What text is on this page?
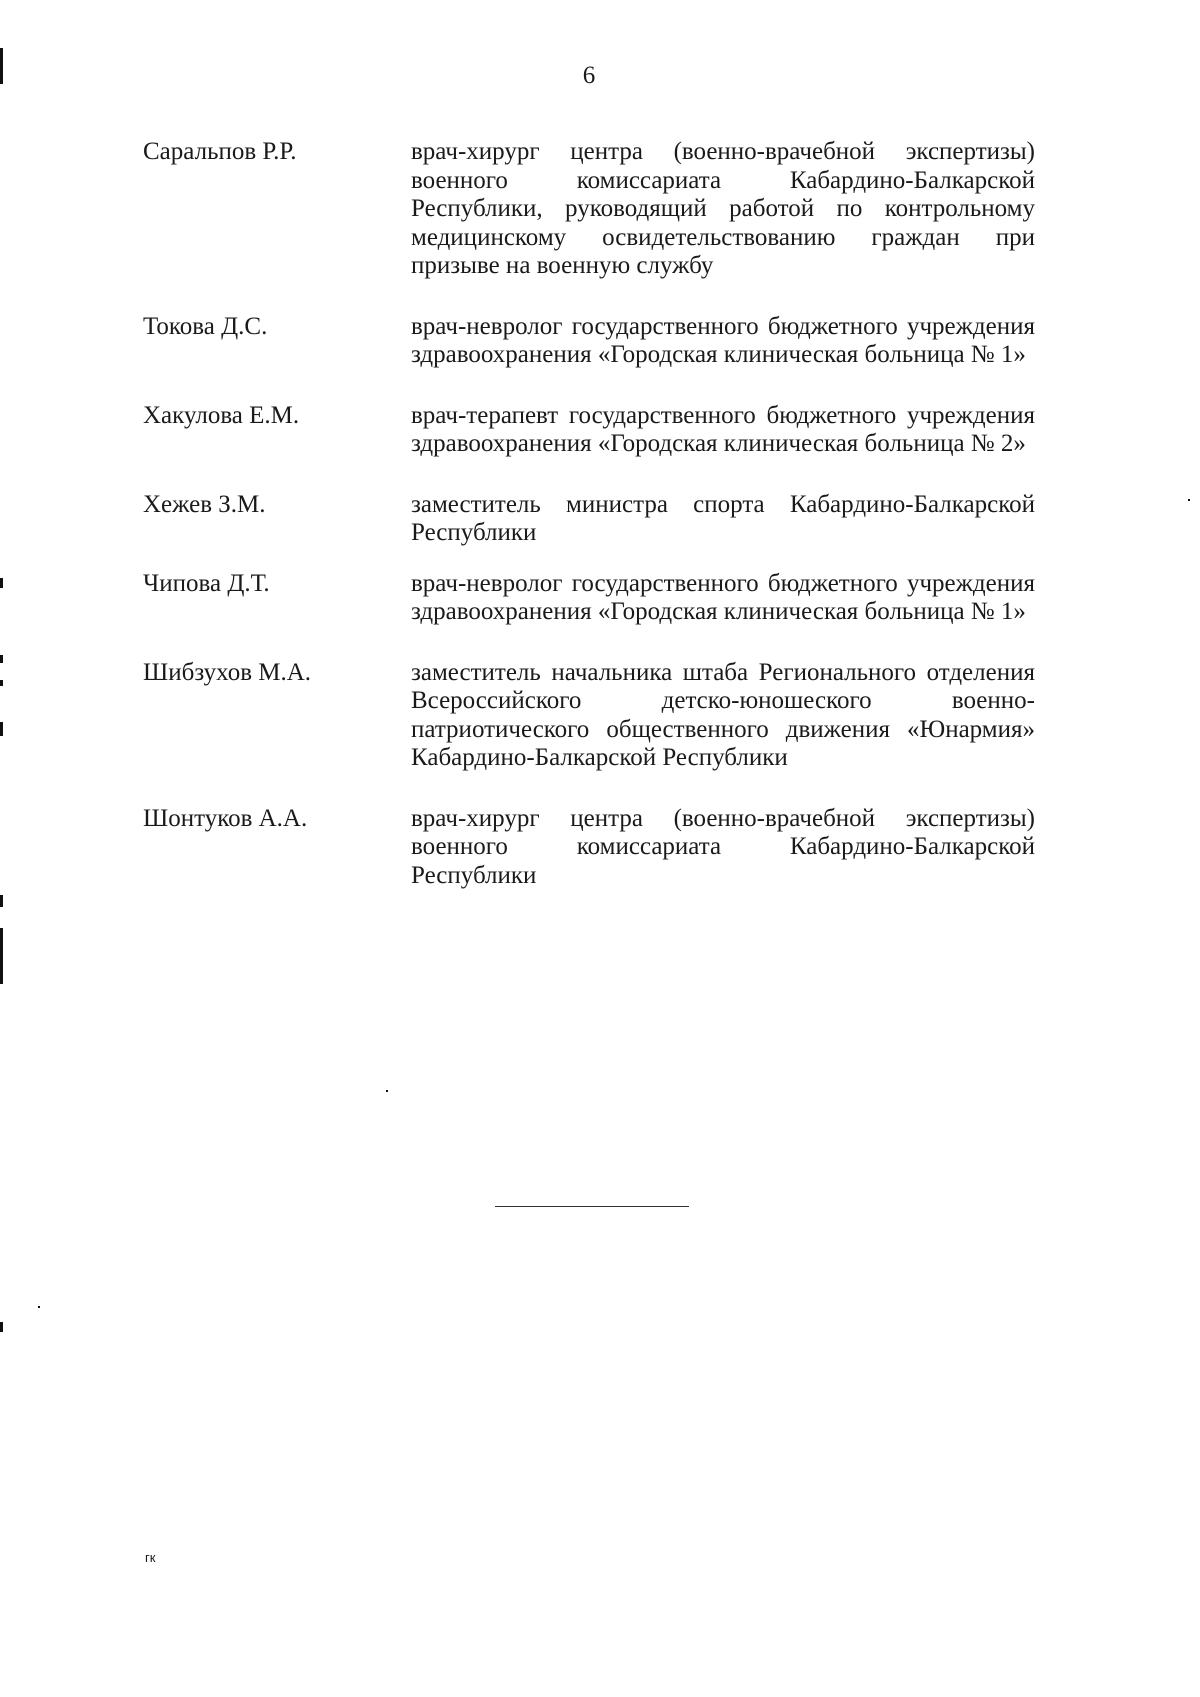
6
Саральпов Р.Р.	врач-хирург центра (военно-врачебной экспертизы) военного комиссариата Кабардино-Балкарской Республики, руководящий работой по контрольному медицинскому освидетельствованию граждан при призыве на военную службу
Токова Д.С.	врач-невролог государственного бюджетного учреждения здравоохранения «Городская клиническая больница № 1»
Хакулова Е.М.	врач-терапевт государственного бюджетного учреждения здравоохранения «Городская клиническая больница № 2»
Хежев З.М.	заместитель министра спорта Кабардино-Балкарской Республики
Чипова Д.Т.	врач-невролог государственного бюджетного учреждения здравоохранения «Городская клиническая больница № 1»
Шибзухов М.А.	заместитель начальника штаба Регионального отделения Всероссийского детско-юношеского военно-патриотического общественного движения «Юнармия» Кабардино-Балкарской Республики
Шонтуков А.А.	врач-хирург центра (военно-врачебной экспертизы) военного комиссариата Кабардино-Балкарской Республики
гк
